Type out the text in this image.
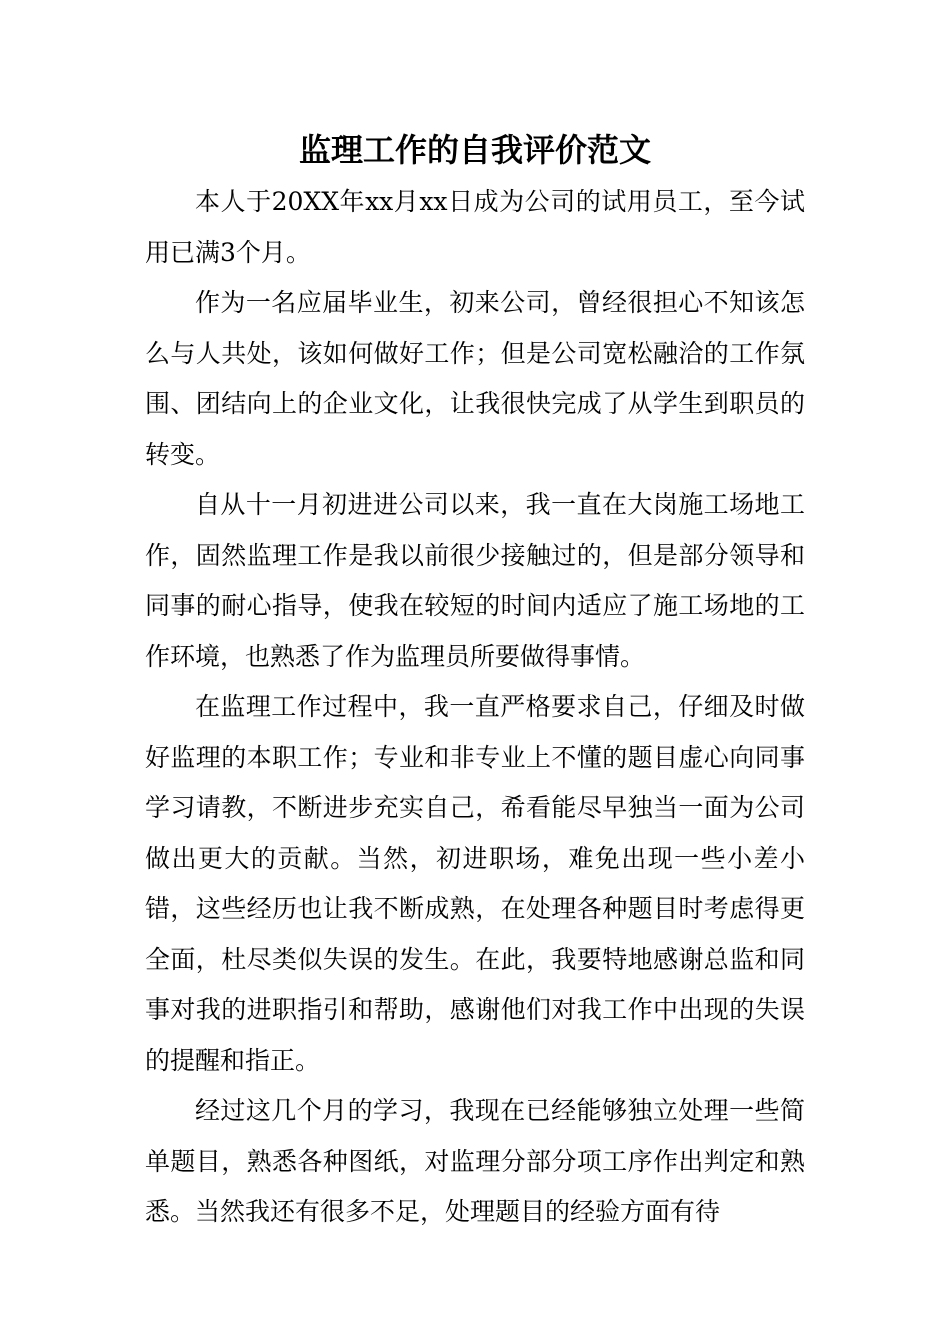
监理工作的自我评价范文

本人于20XX年xx月xx日成为公司的试用员工，至今试用已满3个月。

作为一名应届毕业生，初来公司，曾经很担心不知该怎么与人共处，该如何做好工作；但是公司宽松融洽的工作氛围、团结向上的企业文化，让我很快完成了从学生到职员的转变。

自从十一月初进进公司以来，我一直在大岗施工场地工作，固然监理工作是我以前很少接触过的，但是部分领导和同事的耐心指导，使我在较短的时间内适应了施工场地的工作环境，也熟悉了作为监理员所要做得事情。

在监理工作过程中，我一直严格要求自己，仔细及时做好监理的本职工作；专业和非专业上不懂的题目虚心向同事学习请教，不断进步充实自己，希看能尽早独当一面为公司做出更大的贡献。当然，初进职场，难免出现一些小差小错，这些经历也让我不断成熟，在处理各种题目时考虑得更全面，杜尽类似失误的发生。在此，我要特地感谢总监和同事对我的进职指引和帮助，感谢他们对我工作中出现的失误的提醒和指正。

经过这几个月的学习，我现在已经能够独立处理一些简单题目，熟悉各种图纸，对监理分部分项工序作出判定和熟悉。当然我还有很多不足，处理题目的经验方面有待
